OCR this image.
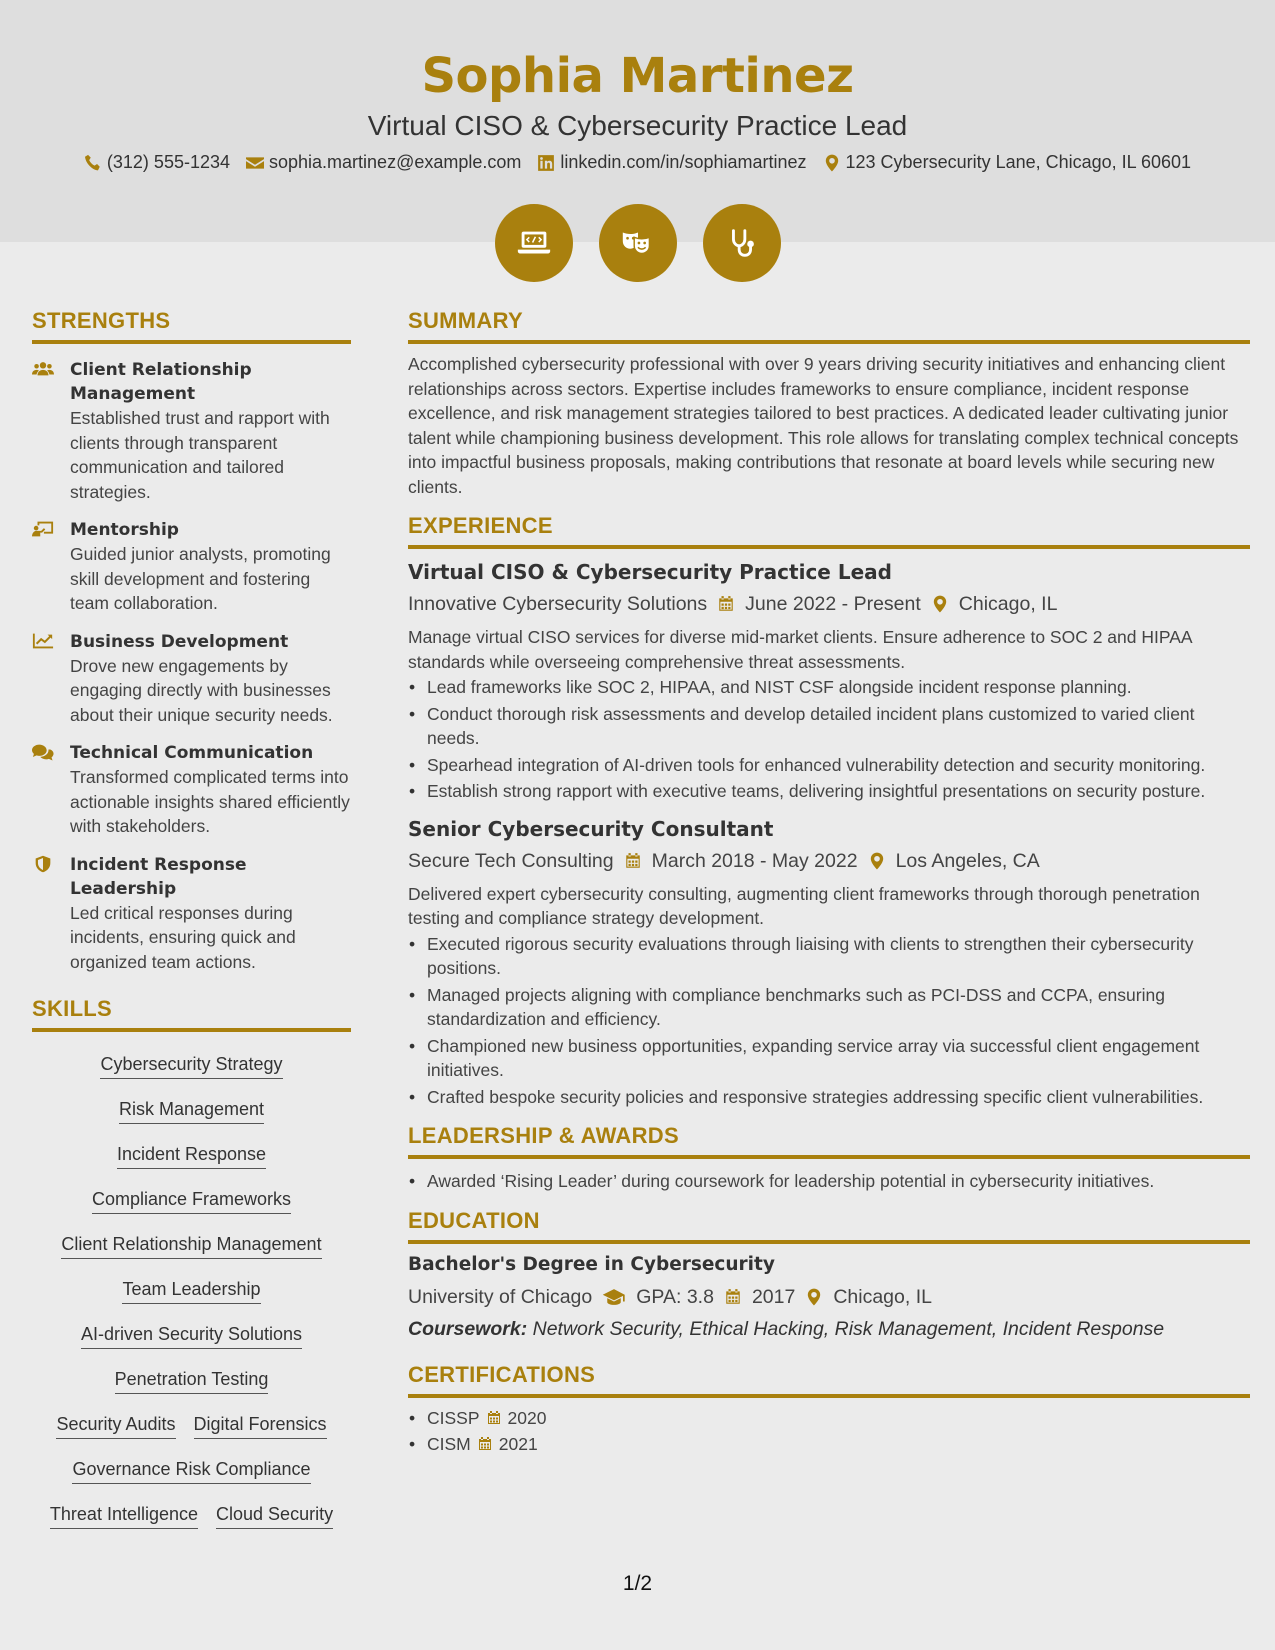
Sophia Martinez
Virtual CISO & Cybersecurity Practice Lead
(312) 555-1234 sophia.martinez@example.com linkedin.com/in/sophiamartinez 123 Cybersecurity Lane, Chicago, IL 60601
STRENGTHS
Client Relationship Management
Established trust and rapport with clients through transparent communication and tailored strategies.
Mentorship
Guided junior analysts, promoting skill development and fostering team collaboration.
Business Development
Drove new engagements by engaging directly with businesses about their unique security needs.
Technical Communication
Transformed complicated terms into actionable insights shared efficiently with stakeholders.
Incident Response Leadership
Led critical responses during incidents, ensuring quick and organized team actions.
SKILLS
Cybersecurity Strategy
Risk Management
Incident Response
Compliance Frameworks
Client Relationship Management
Team Leadership
AI-driven Security Solutions
Penetration Testing
Security Audits Digital Forensics
Governance Risk Compliance
Threat Intelligence Cloud Security
SUMMARY
Accomplished cybersecurity professional with over 9 years driving security initiatives and enhancing client relationships across sectors. Expertise includes frameworks to ensure compliance, incident response excellence, and risk management strategies tailored to best practices. A dedicated leader cultivating junior talent while championing business development. This role allows for translating complex technical concepts into impactful business proposals, making contributions that resonate at board levels while securing new clients.
EXPERIENCE
Virtual CISO & Cybersecurity Practice Lead
Innovative Cybersecurity Solutions June 2022 - Present Chicago, IL
Manage virtual CISO services for diverse mid-market clients. Ensure adherence to SOC 2 and HIPAA standards while overseeing comprehensive threat assessments.
• Lead frameworks like SOC 2, HIPAA, and NIST CSF alongside incident response planning.
• Conduct thorough risk assessments and develop detailed incident plans customized to varied client needs.
• Spearhead integration of AI-driven tools for enhanced vulnerability detection and security monitoring.
• Establish strong rapport with executive teams, delivering insightful presentations on security posture.
Senior Cybersecurity Consultant
Secure Tech Consulting March 2018 - May 2022 Los Angeles, CA
Delivered expert cybersecurity consulting, augmenting client frameworks through thorough penetration testing and compliance strategy development.
• Executed rigorous security evaluations through liaising with clients to strengthen their cybersecurity positions.
• Managed projects aligning with compliance benchmarks such as PCI-DSS and CCPA, ensuring standardization and efficiency.
• Championed new business opportunities, expanding service array via successful client engagement initiatives.
• Crafted bespoke security policies and responsive strategies addressing specific client vulnerabilities.
LEADERSHIP & AWARDS
• Awarded ‘Rising Leader’ during coursework for leadership potential in cybersecurity initiatives.
EDUCATION
Bachelor's Degree in Cybersecurity
University of Chicago GPA: 3.8 2017 Chicago, IL
Coursework: Network Security, Ethical Hacking, Risk Management, Incident Response
CERTIFICATIONS
• CISSP 2020
• CISM 2021
1/2
